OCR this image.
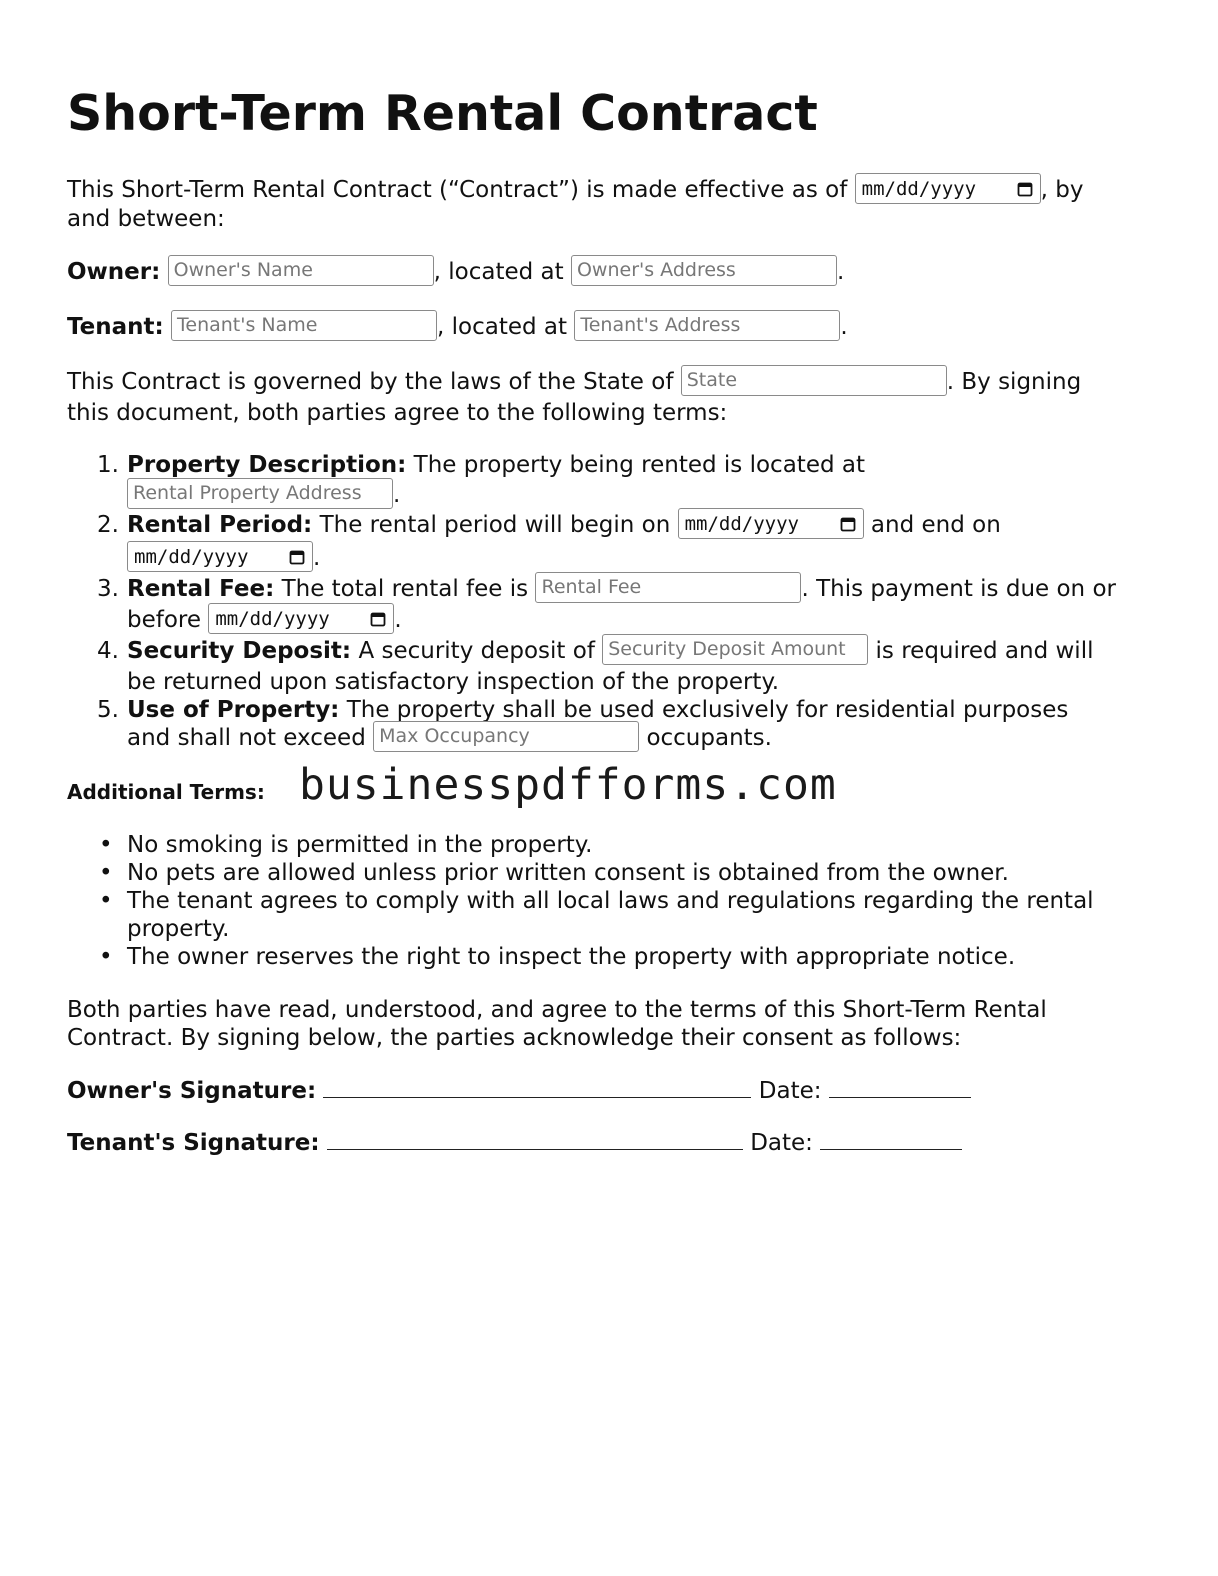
Short-Term Rental Contract
This Short-Term Rental Contract (“Contract”) is made effective as of mm/dd/yyyy	, by
and between:
Owner: Owner's Name	, located at Owner's Address	.
Tenant: Tenant's Name	, located at Tenant's Address	.
This Contract is governed by the laws of the State of State	. By signing
this document, both parties agree to the following terms:
1. Property Description: The property being rented is located at
Rental Property Address .
2. Rental Period: The rental period will begin on mm/dd/yyyy	and end on
mm/dd/yyyy	.
3. Rental Fee: The total rental fee is Rental Fee	. This payment is due on or
before mm/dd/yyyy	.
4. Security Deposit: A security deposit of Security Deposit Amount is required and will
be returned upon satisfactory inspection of the property.
5. Use of Property: The property shall be used exclusively for residential purposes
and shall not exceed Max Occupancy	occupants.
Additional Terms: businesspdfforms.com
• No smoking is permitted in the property.
• No pets are allowed unless prior written consent is obtained from the owner.
• The tenant agrees to comply with all local laws and regulations regarding the rental
property.
• The owner reserves the right to inspect the property with appropriate notice.
Both parties have read, understood, and agree to the terms of this Short-Term Rental
Contract. By signing below, the parties acknowledge their consent as follows:
Owner's Signature:	Date:
Tenant's Signature:	Date:
